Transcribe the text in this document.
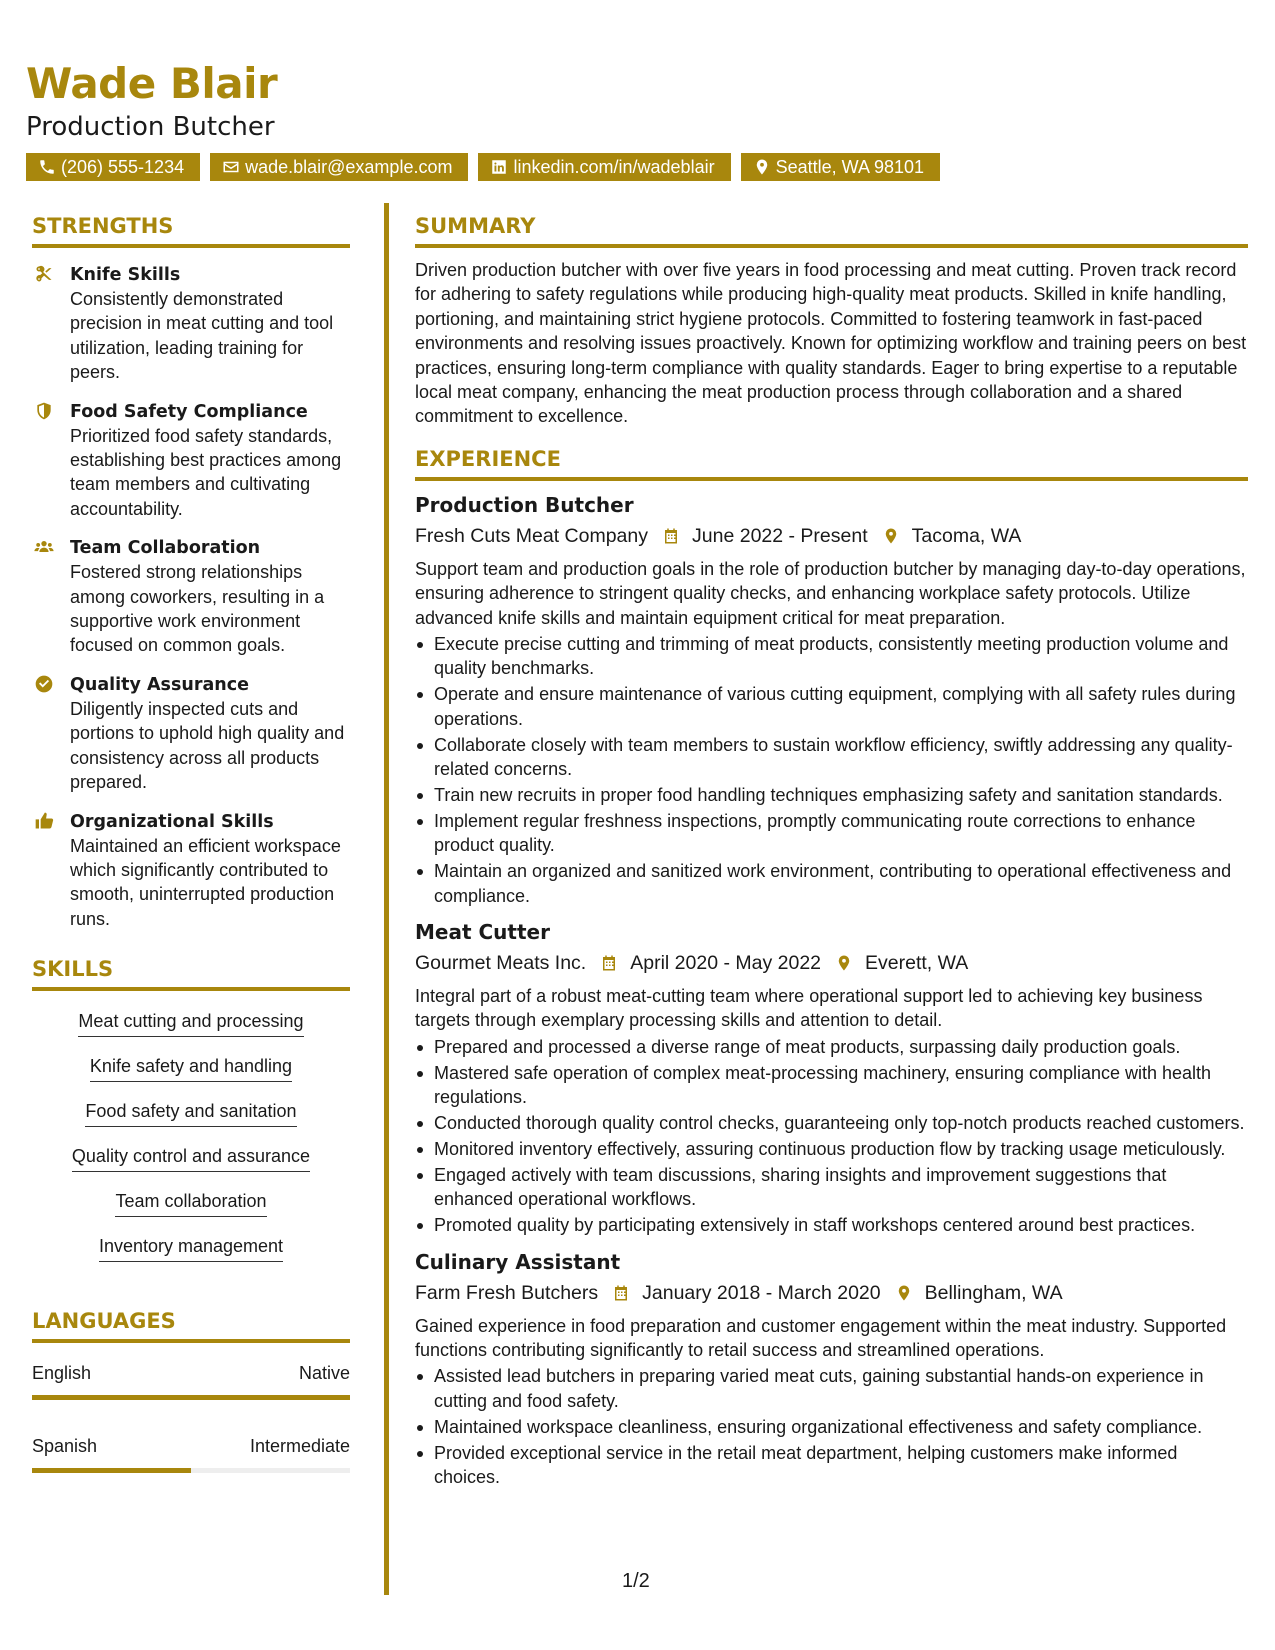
Wade Blair
Production Butcher
(206) 555-1234	wade.blair@example.com	linkedin.com/in/wadeblair	Seattle, WA 98101
STRENGTHS
Knife Skills
Consistently demonstrated precision in meat cutting and tool utilization, leading training for peers.
Food Safety Compliance
Prioritized food safety standards, establishing best practices among team members and cultivating accountability.
Team Collaboration
Fostered strong relationships among coworkers, resulting in a supportive work environment focused on common goals.
Quality Assurance
Diligently inspected cuts and portions to uphold high quality and consistency across all products prepared.
Organizational Skills
Maintained an efficient workspace which significantly contributed to smooth, uninterrupted production runs.
SKILLS
Meat cutting and processing
Knife safety and handling
Food safety and sanitation
Quality control and assurance
Team collaboration
Inventory management
LANGUAGES
English	Native
Spanish	Intermediate
SUMMARY
Driven production butcher with over five years in food processing and meat cutting. Proven track record for adhering to safety regulations while producing high-quality meat products. Skilled in knife handling, portioning, and maintaining strict hygiene protocols. Committed to fostering teamwork in fast-paced environments and resolving issues proactively. Known for optimizing workflow and training peers on best practices, ensuring long-term compliance with quality standards. Eager to bring expertise to a reputable local meat company, enhancing the meat production process through collaboration and a shared commitment to excellence.
EXPERIENCE
Production Butcher
Fresh Cuts Meat Company June 2022 - Present Tacoma, WA
Support team and production goals in the role of production butcher by managing day-to-day operations, ensuring adherence to stringent quality checks, and enhancing workplace safety protocols. Utilize advanced knife skills and maintain equipment critical for meat preparation.
Execute precise cutting and trimming of meat products, consistently meeting production volume and quality benchmarks.
Operate and ensure maintenance of various cutting equipment, complying with all safety rules during operations.
Collaborate closely with team members to sustain workflow efficiency, swiftly addressing any quality-related concerns.
Train new recruits in proper food handling techniques emphasizing safety and sanitation standards.
Implement regular freshness inspections, promptly communicating route corrections to enhance product quality.
Maintain an organized and sanitized work environment, contributing to operational effectiveness and compliance.
Meat Cutter
Gourmet Meats Inc. April 2020 - May 2022 Everett, WA
Integral part of a robust meat-cutting team where operational support led to achieving key business targets through exemplary processing skills and attention to detail.
Prepared and processed a diverse range of meat products, surpassing daily production goals.
Mastered safe operation of complex meat-processing machinery, ensuring compliance with health regulations.
Conducted thorough quality control checks, guaranteeing only top-notch products reached customers.
Monitored inventory effectively, assuring continuous production flow by tracking usage meticulously.
Engaged actively with team discussions, sharing insights and improvement suggestions that enhanced operational workflows.
Promoted quality by participating extensively in staff workshops centered around best practices.
Culinary Assistant
Farm Fresh Butchers January 2018 - March 2020 Bellingham, WA
Gained experience in food preparation and customer engagement within the meat industry. Supported functions contributing significantly to retail success and streamlined operations.
Assisted lead butchers in preparing varied meat cuts, gaining substantial hands-on experience in cutting and food safety.
Maintained workspace cleanliness, ensuring organizational effectiveness and safety compliance.
Provided exceptional service in the retail meat department, helping customers make informed choices.
1/2
